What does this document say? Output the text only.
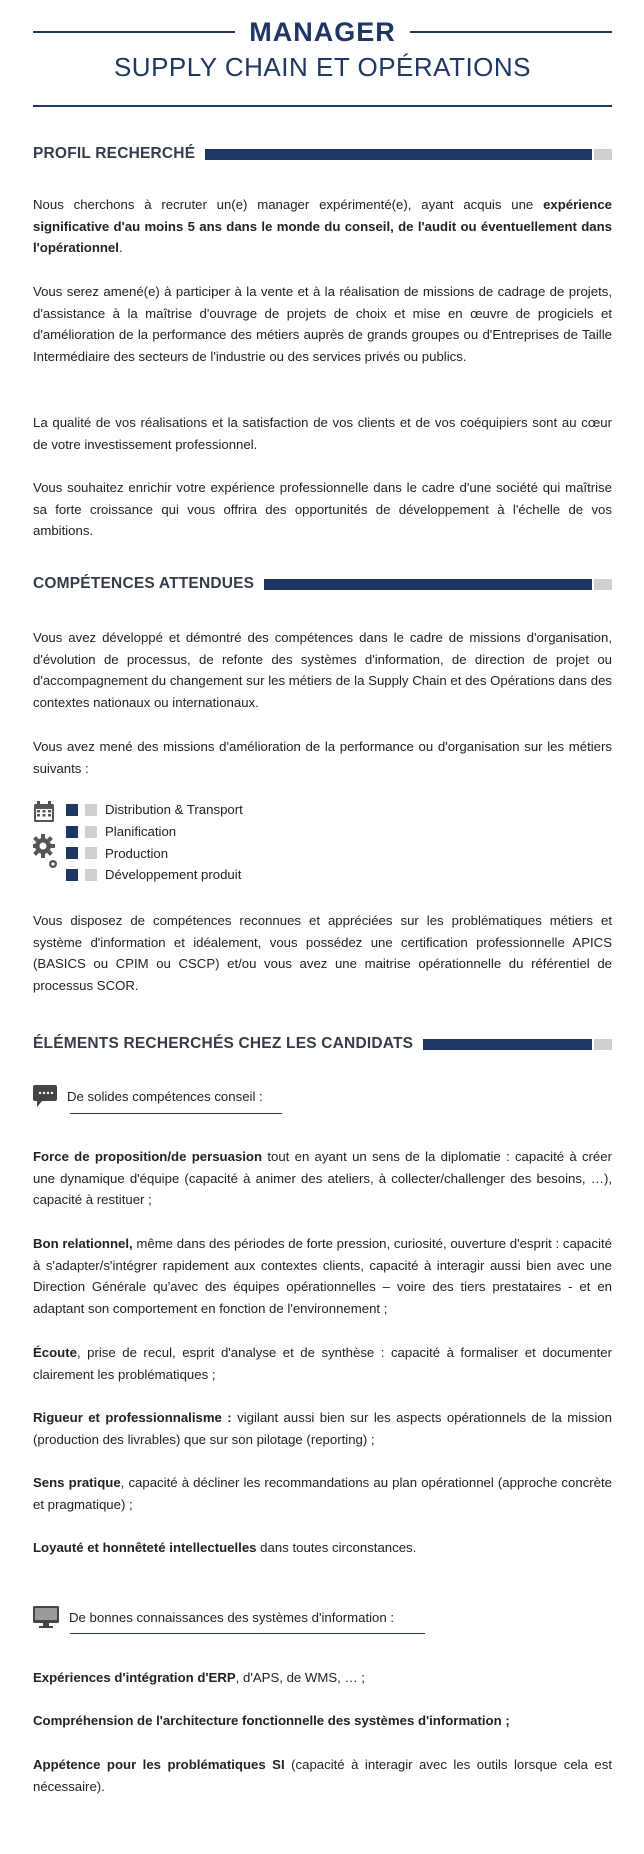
MANAGER
SUPPLY CHAIN ET OPÉRATIONS
PROFIL RECHERCHÉ
Nous cherchons à recruter un(e) manager expérimenté(e), ayant acquis une expérience significative d'au moins 5 ans dans le monde du conseil, de l'audit ou éventuellement dans l'opérationnel.
Vous serez amené(e) à participer à la vente et à la réalisation de missions de cadrage de projets, d'assistance à la maîtrise d'ouvrage de projets de choix et mise en œuvre de progiciels et d'amélioration de la performance des métiers auprès de grands groupes ou d'Entreprises de Taille Intermédiaire des secteurs de l'industrie ou des services privés ou publics.
La qualité de vos réalisations et la satisfaction de vos clients et de vos coéquipiers sont au cœur de votre investissement professionnel.
Vous souhaitez enrichir votre expérience professionnelle dans le cadre d'une société qui maîtrise sa forte croissance qui vous offrira des opportunités de développement à l'échelle de vos ambitions.
COMPÉTENCES ATTENDUES
Vous avez développé et démontré des compétences dans le cadre de missions d'organisation, d'évolution de processus, de refonte des systèmes d'information, de direction de projet ou d'accompagnement du changement sur les métiers de la Supply Chain et des Opérations dans des contextes nationaux ou internationaux.
Vous avez mené des missions d'amélioration de la performance ou d'organisation sur les métiers suivants :
Distribution & Transport
Planification
Production
Développement produit
Vous disposez de compétences reconnues et appréciées sur les problématiques métiers et système d'information et idéalement, vous possédez une certification professionnelle APICS (BASICS ou CPIM ou CSCP) et/ou vous avez une maitrise opérationnelle du référentiel de processus SCOR.
ÉLÉMENTS RECHERCHÉS CHEZ LES CANDIDATS
De solides compétences conseil :
Force de proposition/de persuasion tout en ayant un sens de la diplomatie : capacité à créer une dynamique d'équipe (capacité à animer des ateliers, à collecter/challenger des besoins, …), capacité à restituer ;
Bon relationnel, même dans des périodes de forte pression, curiosité, ouverture d'esprit : capacité à s'adapter/s'intégrer rapidement aux contextes clients, capacité à interagir aussi bien avec une Direction Générale qu'avec des équipes opérationnelles – voire des tiers prestataires - et en adaptant son comportement en fonction de l'environnement ;
Écoute, prise de recul, esprit d'analyse et de synthèse : capacité à formaliser et documenter clairement les problématiques ;
Rigueur et professionnalisme : vigilant aussi bien sur les aspects opérationnels de la mission (production des livrables) que sur son pilotage (reporting) ;
Sens pratique, capacité à décliner les recommandations au plan opérationnel (approche concrète et pragmatique) ;
Loyauté et honnêteté intellectuelles dans toutes circonstances.
De bonnes connaissances des systèmes d'information :
Expériences d'intégration d'ERP, d'APS, de WMS, … ;
Compréhension de l'architecture fonctionnelle des systèmes d'information ;
Appétence pour les problématiques SI (capacité à interagir avec les outils lorsque cela est nécessaire).
